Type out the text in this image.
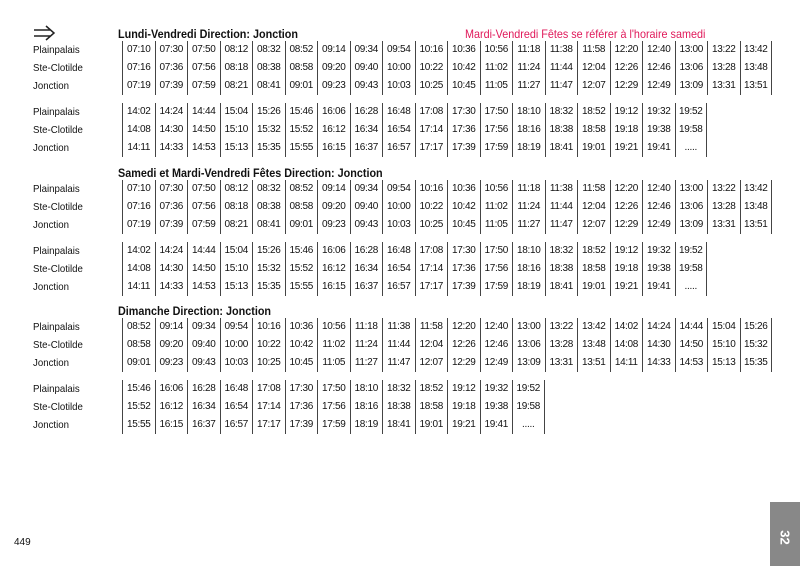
Mardi-Vendredi Fêtes se référer à l'horaire samedi
Lundi-Vendredi Direction: Jonction
Plainpalais	07:10 07:30 07:50 08:12 08:32 08:52 09:14 09:34 09:54 10:16 10:36 10:56 11:18 11:38 11:58 12:20 12:40 13:00 13:22 13:42
Ste-Clotilde	07:16 07:36 07:56 08:18 08:38 08:58 09:20 09:40 10:00 10:22 10:42 11:02 11:24 11:44 12:04 12:26 12:46 13:06 13:28 13:48
Jonction	07:19 07:39 07:59 08:21 08:41 09:01 09:23 09:43 10:03 10:25 10:45 11:05 11:27 11:47 12:07 12:29 12:49 13:09 13:31 13:51
Plainpalais	14:02 14:24 14:44 15:04 15:26 15:46 16:06 16:28 16:48 17:08 17:30 17:50 18:10 18:32 18:52 19:12 19:32 19:52
Ste-Clotilde	14:08 14:30 14:50 15:10 15:32 15:52 16:12 16:34 16:54 17:14 17:36 17:56 18:16 18:38 18:58 19:18 19:38 19:58
Jonction	14:11 14:33 14:53 15:13 15:35 15:55 16:15 16:37 16:57 17:17 17:39 17:59 18:19 18:41 19:01 19:21 19:41	.....
Samedi et Mardi-Vendredi Fêtes Direction: Jonction
Plainpalais	07:10 07:30 07:50 08:12 08:32 08:52 09:14 09:34 09:54 10:16 10:36 10:56 11:18 11:38 11:58 12:20 12:40 13:00 13:22 13:42
Ste-Clotilde	07:16 07:36 07:56 08:18 08:38 08:58 09:20 09:40 10:00 10:22 10:42 11:02 11:24 11:44 12:04 12:26 12:46 13:06 13:28 13:48
Jonction	07:19 07:39 07:59 08:21 08:41 09:01 09:23 09:43 10:03 10:25 10:45 11:05 11:27 11:47 12:07 12:29 12:49 13:09 13:31 13:51
Plainpalais	14:02 14:24 14:44 15:04 15:26 15:46 16:06 16:28 16:48 17:08 17:30 17:50 18:10 18:32 18:52 19:12 19:32 19:52
Ste-Clotilde	14:08 14:30 14:50 15:10 15:32 15:52 16:12 16:34 16:54 17:14 17:36 17:56 18:16 18:38 18:58 19:18 19:38 19:58
Jonction	14:11 14:33 14:53 15:13 15:35 15:55 16:15 16:37 16:57 17:17 17:39 17:59 18:19 18:41 19:01 19:21 19:41	.....
Dimanche Direction: Jonction
Plainpalais	08:52 09:14 09:34 09:54 10:16 10:36 10:56 11:18 11:38 11:58 12:20 12:40 13:00 13:22 13:42 14:02 14:24 14:44 15:04 15:26
Ste-Clotilde	08:58 09:20 09:40 10:00 10:22 10:42 11:02 11:24 11:44 12:04 12:26 12:46 13:06 13:28 13:48 14:08 14:30 14:50 15:10 15:32
Jonction	09:01 09:23 09:43 10:03 10:25 10:45 11:05 11:27 11:47 12:07 12:29 12:49 13:09 13:31 13:51 14:11 14:33 14:53 15:13 15:35
Plainpalais	15:46 16:06 16:28 16:48 17:08 17:30 17:50 18:10 18:32 18:52 19:12 19:32 19:52
Ste-Clotilde	15:52 16:12 16:34 16:54 17:14 17:36 17:56 18:16 18:38 18:58 19:18 19:38 19:58
Jonction	15:55 16:15 16:37 16:57 17:17 17:39 17:59 18:19 18:41 19:01 19:21 19:41	.....
449	32
